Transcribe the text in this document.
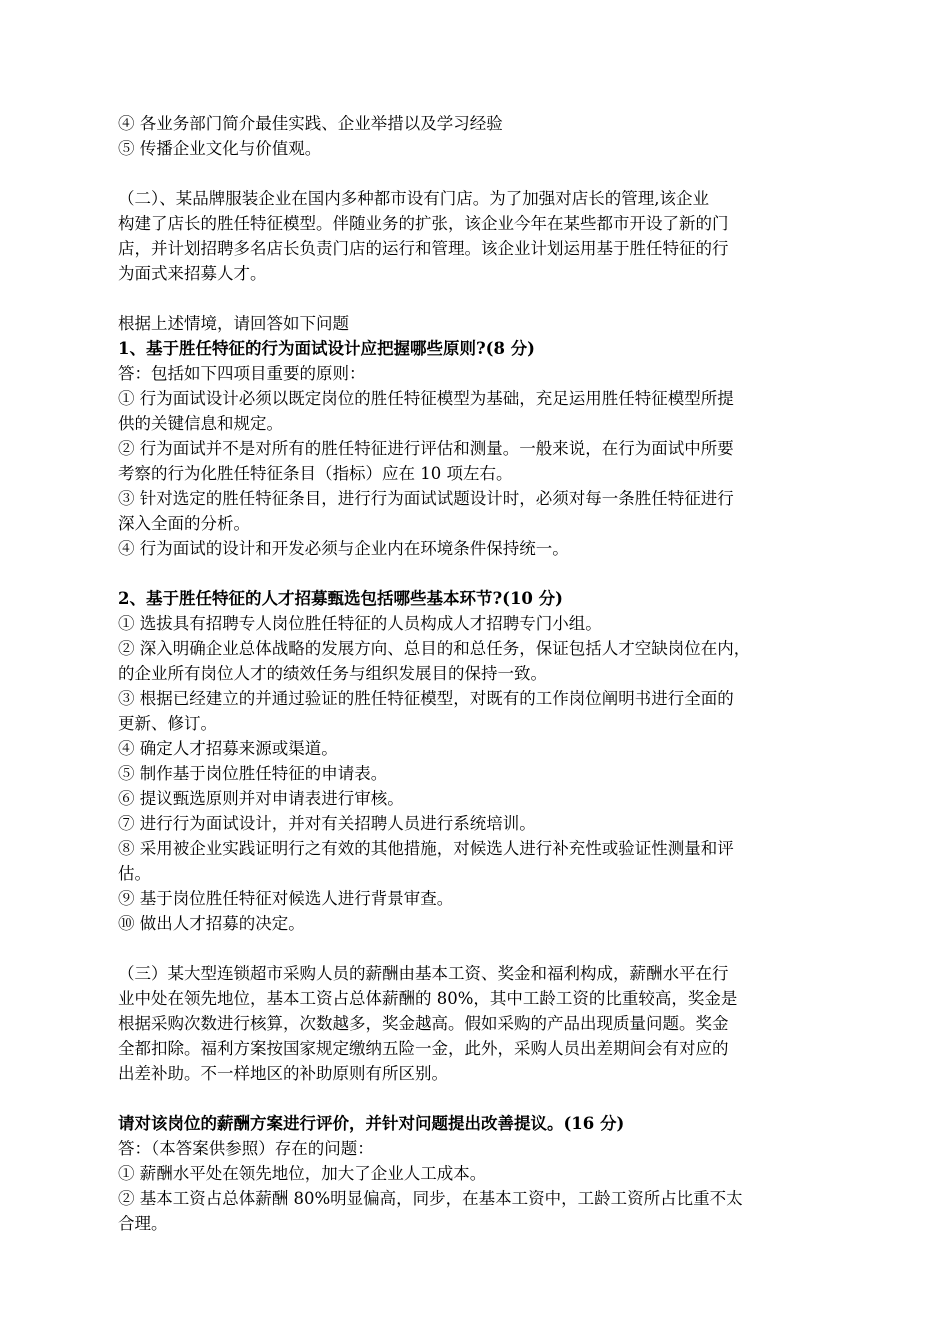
④ 各业务部门简介最佳实践、企业举措以及学习经验
⑤ 传播企业文化与价值观。
（二）、某品牌服装企业在国内多种都市设有门店。为了加强对店长的管理,该企业
构建了店长的胜任特征模型。伴随业务的扩张，该企业今年在某些都市开设了新的门
店，并计划招聘多名店长负责门店的运行和管理。该企业计划运用基于胜任特征的行
为面式来招募人才。
根据上述情境，请回答如下问题
1、基于胜任特征的行为面试设计应把握哪些原则?(8 分)
答：包括如下四项目重要的原则：
① 行为面试设计必须以既定岗位的胜任特征模型为基础，充足运用胜任特征模型所提
供的关键信息和规定。
② 行为面试并不是对所有的胜任特征进行评估和测量。一般来说，在行为面试中所要
考察的行为化胜任特征条目（指标）应在 10 项左右。
③ 针对选定的胜任特征条目，进行行为面试试题设计时，必须对每一条胜任特征进行
深入全面的分析。
④ 行为面试的设计和开发必须与企业内在环境条件保持统一。
2、基于胜任特征的人才招募甄选包括哪些基本环节?(10 分)
① 选拔具有招聘专人岗位胜任特征的人员构成人才招聘专门小组。
② 深入明确企业总体战略的发展方向、总目的和总任务，保证包括人才空缺岗位在内，
的企业所有岗位人才的绩效任务与组织发展目的保持一致。
③ 根据已经建立的并通过验证的胜任特征模型，对既有的工作岗位阐明书进行全面的
更新、修订。
④ 确定人才招募来源或渠道。
⑤ 制作基于岗位胜任特征的申请表。
⑥ 提议甄选原则并对申请表进行审核。
⑦ 进行行为面试设计，并对有关招聘人员进行系统培训。
⑧ 采用被企业实践证明行之有效的其他措施，对候选人进行补充性或验证性测量和评
估。
⑨ 基于岗位胜任特征对候选人进行背景审查。
⑩ 做出人才招募的决定。
（三）某大型连锁超市采购人员的薪酬由基本工资、奖金和福利构成，薪酬水平在行
业中处在领先地位，基本工资占总体薪酬的 80%，其中工龄工资的比重较高，奖金是
根据采购次数进行核算，次数越多，奖金越高。假如采购的产品出现质量问题。奖金
全都扣除。福利方案按国家规定缴纳五险一金，此外，采购人员出差期间会有对应的
出差补助。不一样地区的补助原则有所区别。
请对该岗位的薪酬方案进行评价，并针对问题提出改善提议。(16 分)
答：（本答案供参照）存在的问题：
① 薪酬水平处在领先地位，加大了企业人工成本。
② 基本工资占总体薪酬 80%明显偏高，同步，在基本工资中，工龄工资所占比重不太
合理。
